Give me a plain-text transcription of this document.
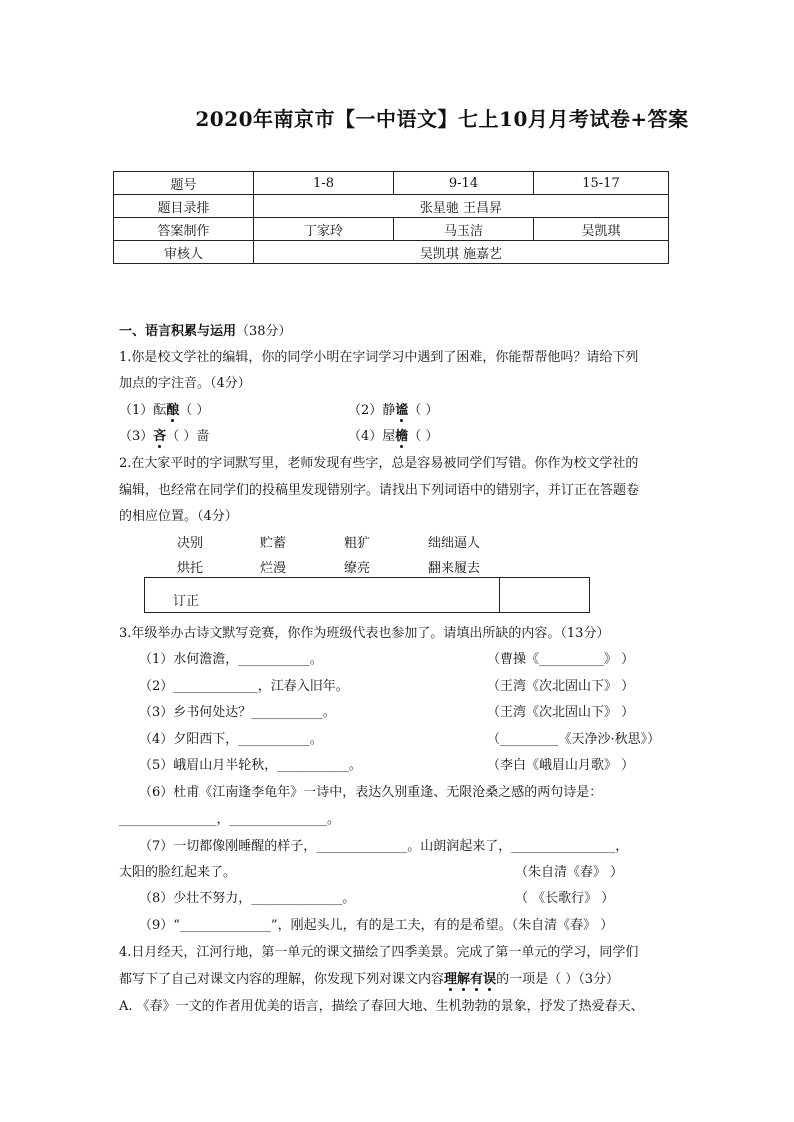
2020年南京市【一中语文】七上10月月考试卷+答案
题号	1-8	9-14	15-17
题目录排	张星驰 王昌昇		
答案制作	丁家玲	马玉洁	吴凯琪
审核人	吴凯琪 施嘉艺		
一、语言积累与运用（38分）
1.你是校文学社的编辑，你的同学小明在字词学习中遇到了困难，你能帮帮他吗？请给下列
加点的字注音。（4分）
（1）酝酿（ ）	（2）静谧（ ）
（3）吝（ ）啬	（4）屋檐（ ）
2.在大家平时的字词默写里，老师发现有些字，总是容易被同学们写错。你作为校文学社的
编辑，也经常在同学们的投稿里发现错别字。请找出下列词语中的错别字，并订正在答题卷
的相应位置。（4分）
决别	贮蓄	粗犷	绌绌逼人
烘托	烂漫	缭亮	翻来履去
订正
3.年级举办古诗文默写竞赛，你作为班级代表也参加了。请填出所缺的内容。（13分）
（1）水何澹澹，___________。	（曹操《__________》 ）
（2）_____________，江春入旧年。	（王湾《次北固山下》 ）
（3）乡书何处达？___________。	（王湾《次北固山下》 ）
（4）夕阳西下，___________。	（_________《天净沙·秋思》）
（5）峨眉山月半轮秋，___________。	（李白《峨眉山月歌》 ）
（6）杜甫《江南逢李龟年》一诗中，表达久别重逢、无限沧桑之感的两句诗是：
_______________，_______________。
（7）一切都像刚睡醒的样子，______________。山朗润起来了，________________，
太阳的脸红起来了。	（朱自清《春》 ）
（8）少壮不努力，______________。	（ 《长歌行》 ）
（9）“______________”，刚起头儿，有的是工夫，有的是希望。（朱自清《春》 ）
4.日月经天，江河行地，第一单元的课文描绘了四季美景。完成了第一单元的学习，同学们
都写下了自己对课文内容的理解，你发现下列对课文内容理解有误的一项是（ ）（3分）
A. 《春》一文的作者用优美的语言，描绘了春回大地、生机勃勃的景象，抒发了热爱春天、
